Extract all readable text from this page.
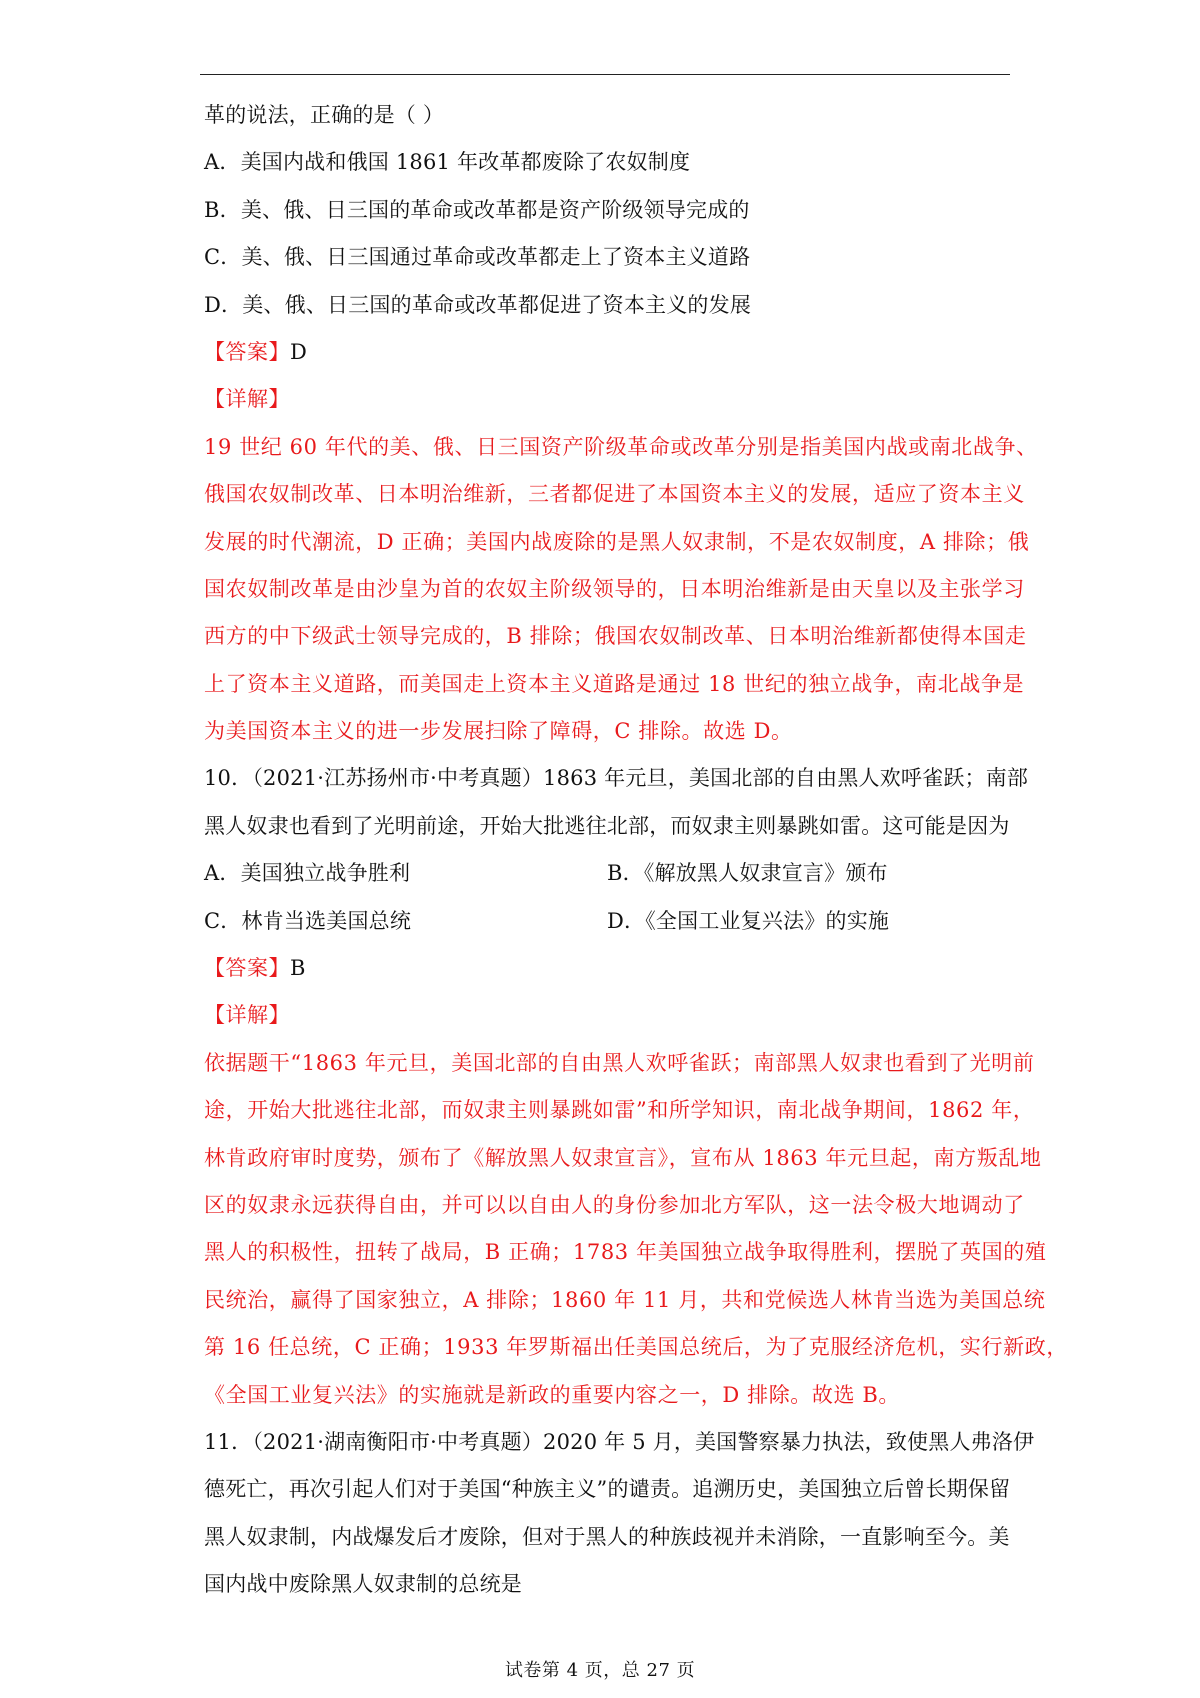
革的说法，正确的是（ ）
A．美国内战和俄国 1861 年改革都废除了农奴制度
B．美、俄、日三国的革命或改革都是资产阶级领导完成的
C．美、俄、日三国通过革命或改革都走上了资本主义道路
D．美、俄、日三国的革命或改革都促进了资本主义的发展
【答案】D
【详解】
19 世纪 60 年代的美、俄、日三国资产阶级革命或改革分别是指美国内战或南北战争、
俄国农奴制改革、日本明治维新，三者都促进了本国资本主义的发展，适应了资本主义
发展的时代潮流，D 正确；美国内战废除的是黑人奴隶制，不是农奴制度，A 排除；俄
国农奴制改革是由沙皇为首的农奴主阶级领导的，日本明治维新是由天皇以及主张学习
西方的中下级武士领导完成的，B 排除；俄国农奴制改革、日本明治维新都使得本国走
上了资本主义道路，而美国走上资本主义道路是通过 18 世纪的独立战争，南北战争是
为美国资本主义的进一步发展扫除了障碍，C 排除。故选 D。
10．（2021·江苏扬州市·中考真题）1863 年元旦，美国北部的自由黑人欢呼雀跃；南部
黑人奴隶也看到了光明前途，开始大批逃往北部，而奴隶主则暴跳如雷。这可能是因为
A．美国独立战争胜利	B．《解放黑人奴隶宣言》颁布
C．林肯当选美国总统	D．《全国工业复兴法》的实施
【答案】B
【详解】
依据题干“1863 年元旦，美国北部的自由黑人欢呼雀跃；南部黑人奴隶也看到了光明前
途，开始大批逃往北部，而奴隶主则暴跳如雷”和所学知识，南北战争期间，1862 年，
林肯政府审时度势，颁布了《解放黑人奴隶宣言》，宣布从 1863 年元旦起，南方叛乱地
区的奴隶永远获得自由，并可以以自由人的身份参加北方军队，这一法令极大地调动了
黑人的积极性，扭转了战局，B 正确；1783 年美国独立战争取得胜利，摆脱了英国的殖
民统治，赢得了国家独立，A 排除；1860 年 11 月，共和党候选人林肯当选为美国总统
第 16 任总统，C 正确；1933 年罗斯福出任美国总统后，为了克服经济危机，实行新政，
《全国工业复兴法》的实施就是新政的重要内容之一，D 排除。故选 B。
11．（2021·湖南衡阳市·中考真题）2020 年 5 月，美国警察暴力执法，致使黑人弗洛伊
德死亡，再次引起人们对于美国“种族主义”的谴责。追溯历史，美国独立后曾长期保留
黑人奴隶制，内战爆发后才废除，但对于黑人的种族歧视并未消除，一直影响至今。美
国内战中废除黑人奴隶制的总统是
试卷第 4 页，总 27 页
